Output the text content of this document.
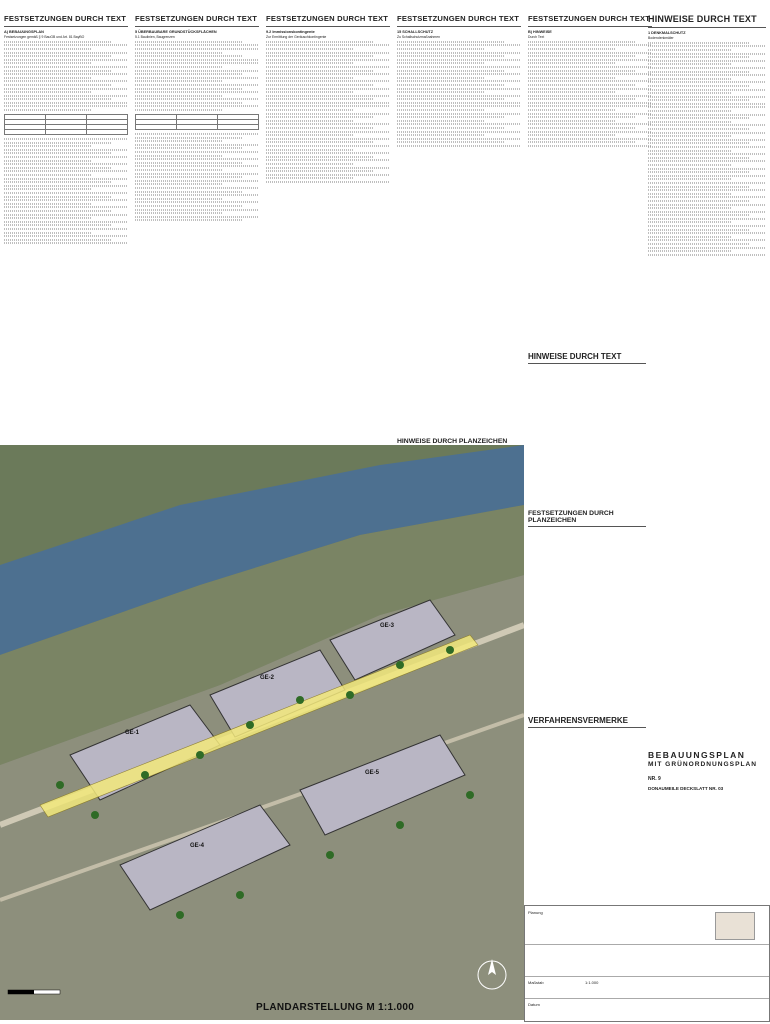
FESTSETZUNGEN DURCH TEXT
A) BEBAUUNGSPLAN
Festsetzungen gemäß § 9 BauGB und Art. 81 BayBO

FESTSETZUNGEN DURCH TEXT
5 ÜBERBAUBARE GRUNDSTÜCKSFLÄCHEN
5.1 Baulinien, Baugrenzen

FESTSETZUNGEN DURCH TEXT
9.2 Immissionskontingente
Zur Ermittlung der Geräuschkontingente
FESTSETZUNGEN DURCH TEXT
15 SCHALLSCHUTZ
Zu Schallschutzmaßnahmen
FESTSETZUNGEN DURCH TEXT
B) HINWEISE
Durch Text
HINWEISE DURCH TEXT
1 DENKMALSCHUTZ
Bodendenkmäler
HINWEISE DURCH TEXT
HINWEISE DURCH PLANZEICHEN
FESTSETZUNGEN DURCH PLANZEICHEN
VERFAHRENSVERMERKE
GE-1
GE-2
GE-3
GE-4
GE-5
PLANDARSTELLUNG M 1:1.000
BEBAUUNGSPLAN
MIT GRÜNORDNUNGSPLAN
NR. 9
DONAUMEILE DECKSLATT NR. 03
Planung
Maßstab	1:1.000
Datum
